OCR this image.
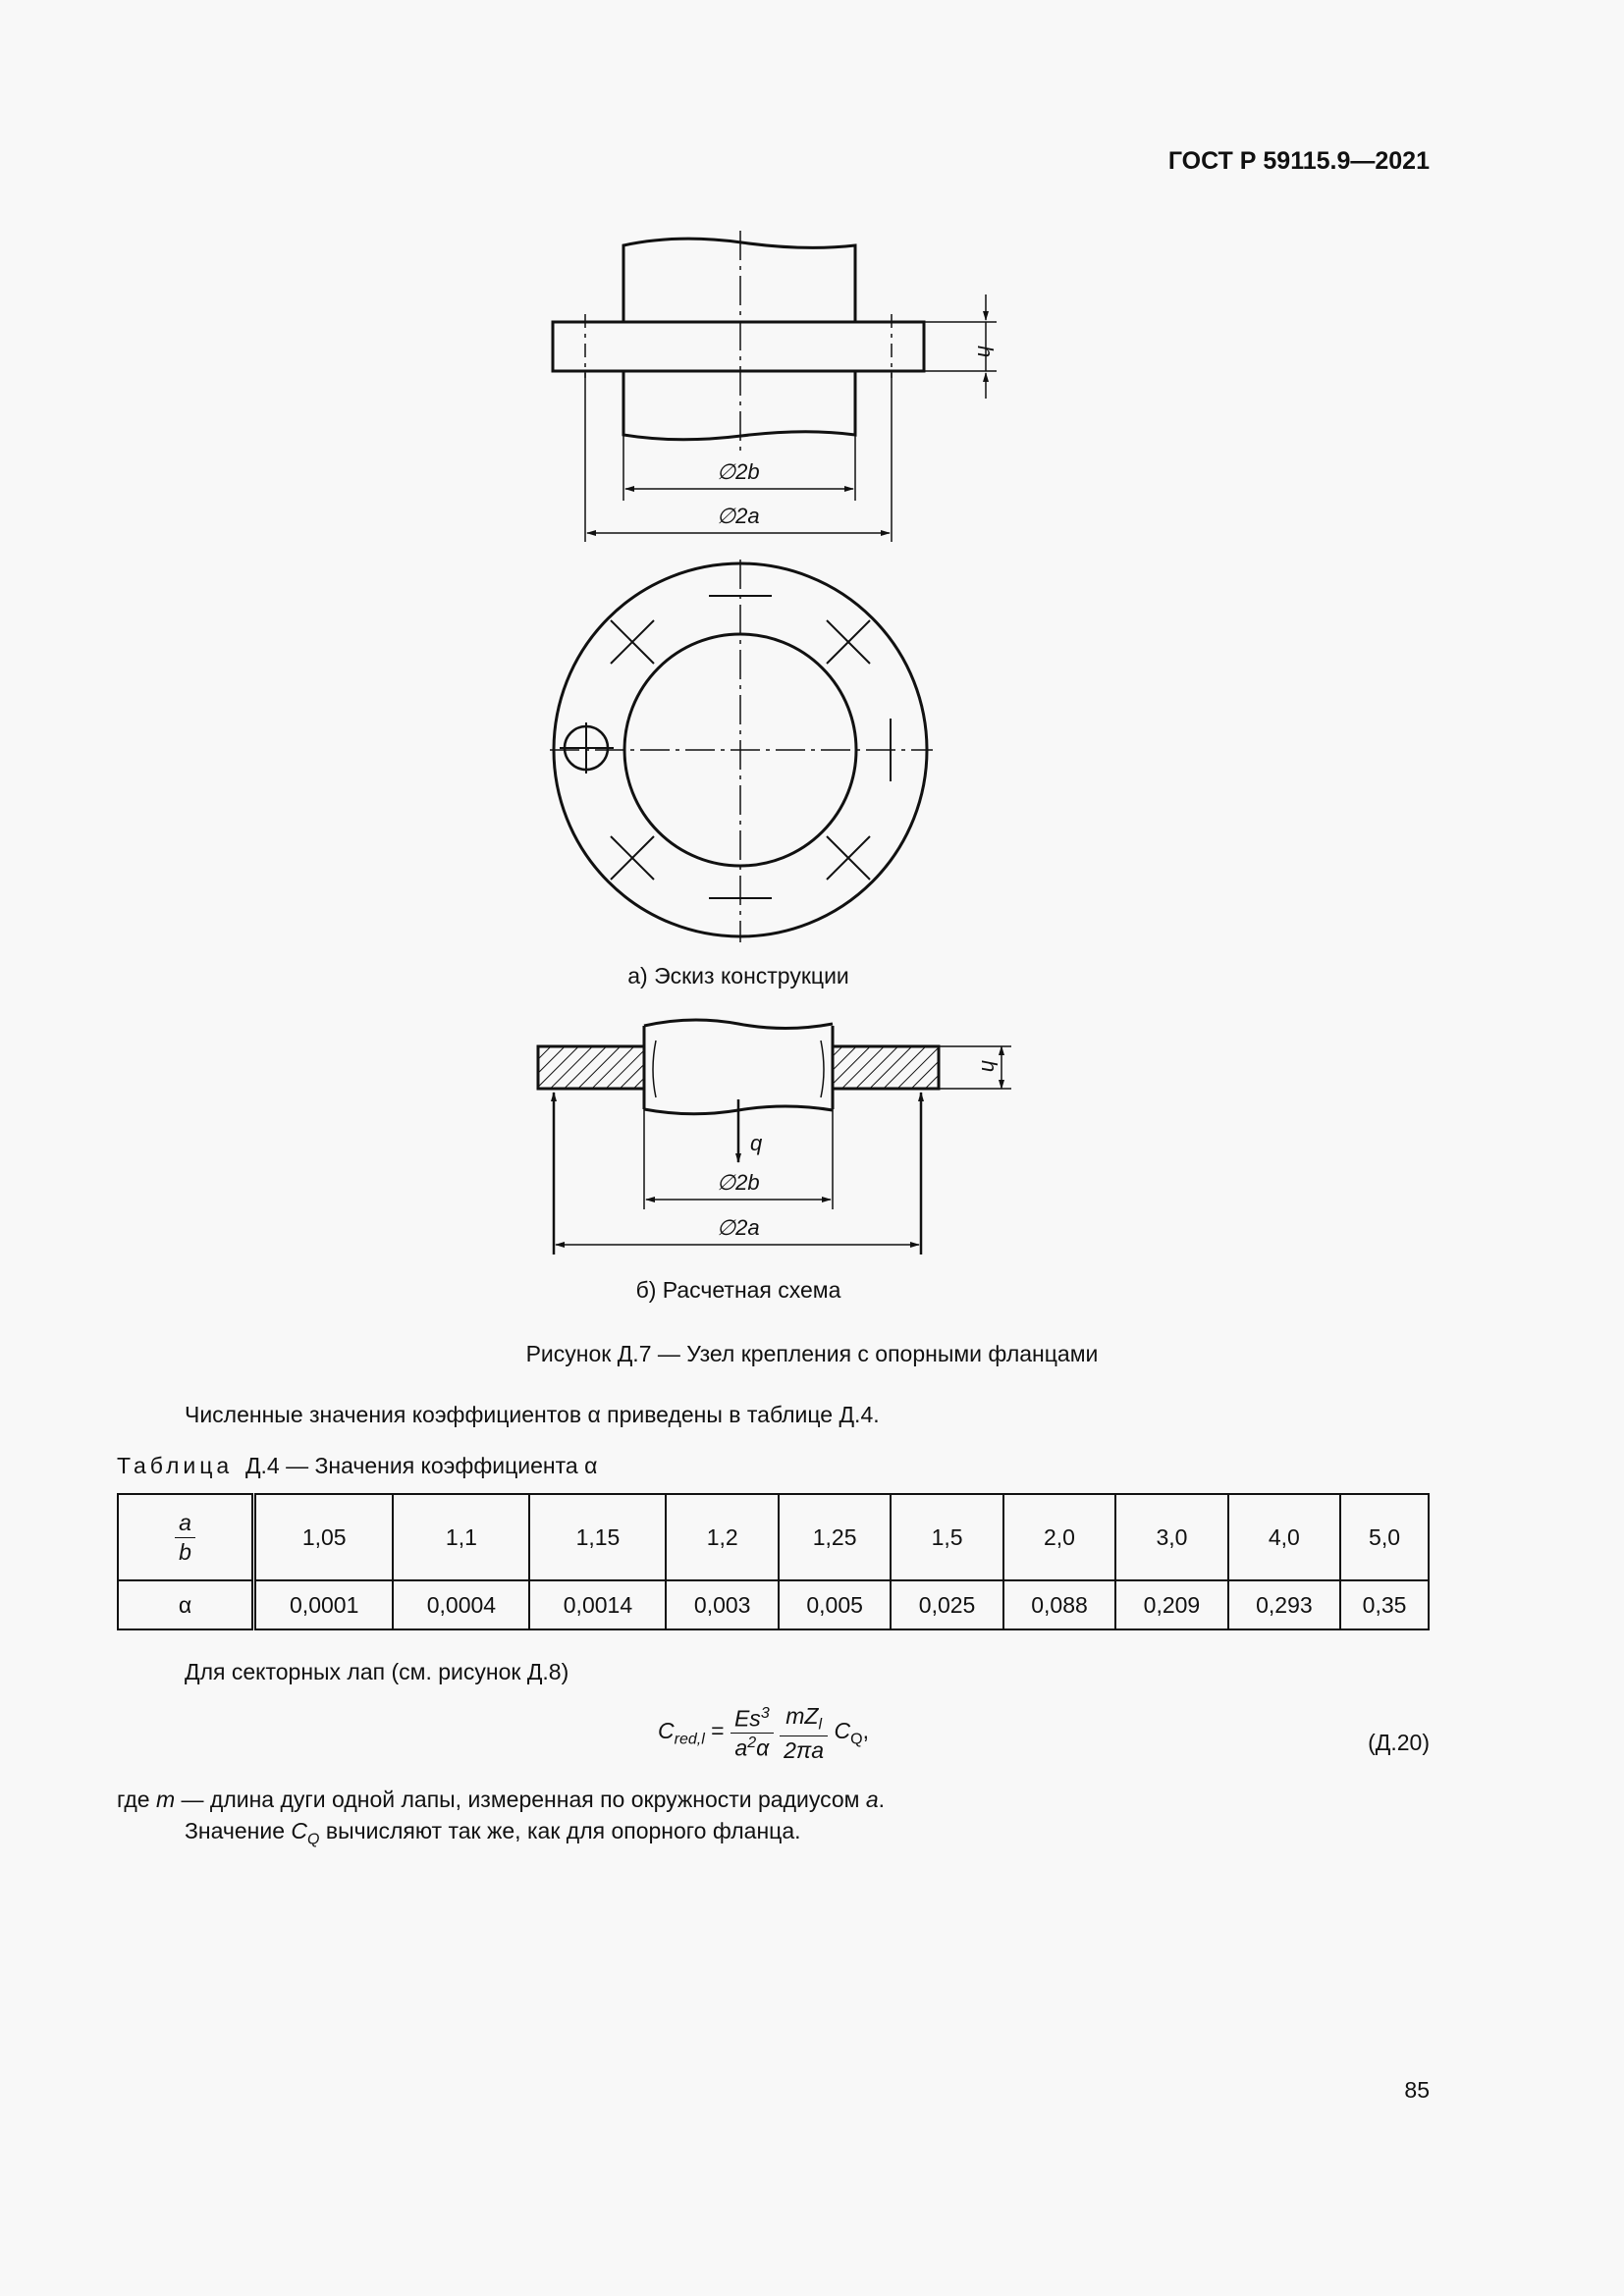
ГОСТ Р 59115.9—2021
h
∅2b
∅2a
h
q
∅2b
∅2a
а) Эскиз конструкции
б) Расчетная схема
Рисунок Д.7 — Узел крепления с опорными фланцами
Численные значения коэффициентов α приведены в таблице Д.4.
Таблица Д.4 — Значения коэффициента α
$\frac{a}{b}$	1,05	1,1	1,15	1,2	1,25	1,5	2,0	3,0	4,0	5,0
α	0,0001	0,0004	0,0014	0,003	0,005	0,025	0,088	0,209	0,293	0,35
Для секторных лап (см. рисунок Д.8)
$C_{red,l} = \frac{Es^3}{a^2\alpha}$
$\frac{mZ_l}{2\pi a} C_Q$,	(Д.20)
где m — длина дуги одной лапы, измеренная по окружности радиусом a.
Значение $C_Q$ вычисляют так же, как для опорного фланца.
85
